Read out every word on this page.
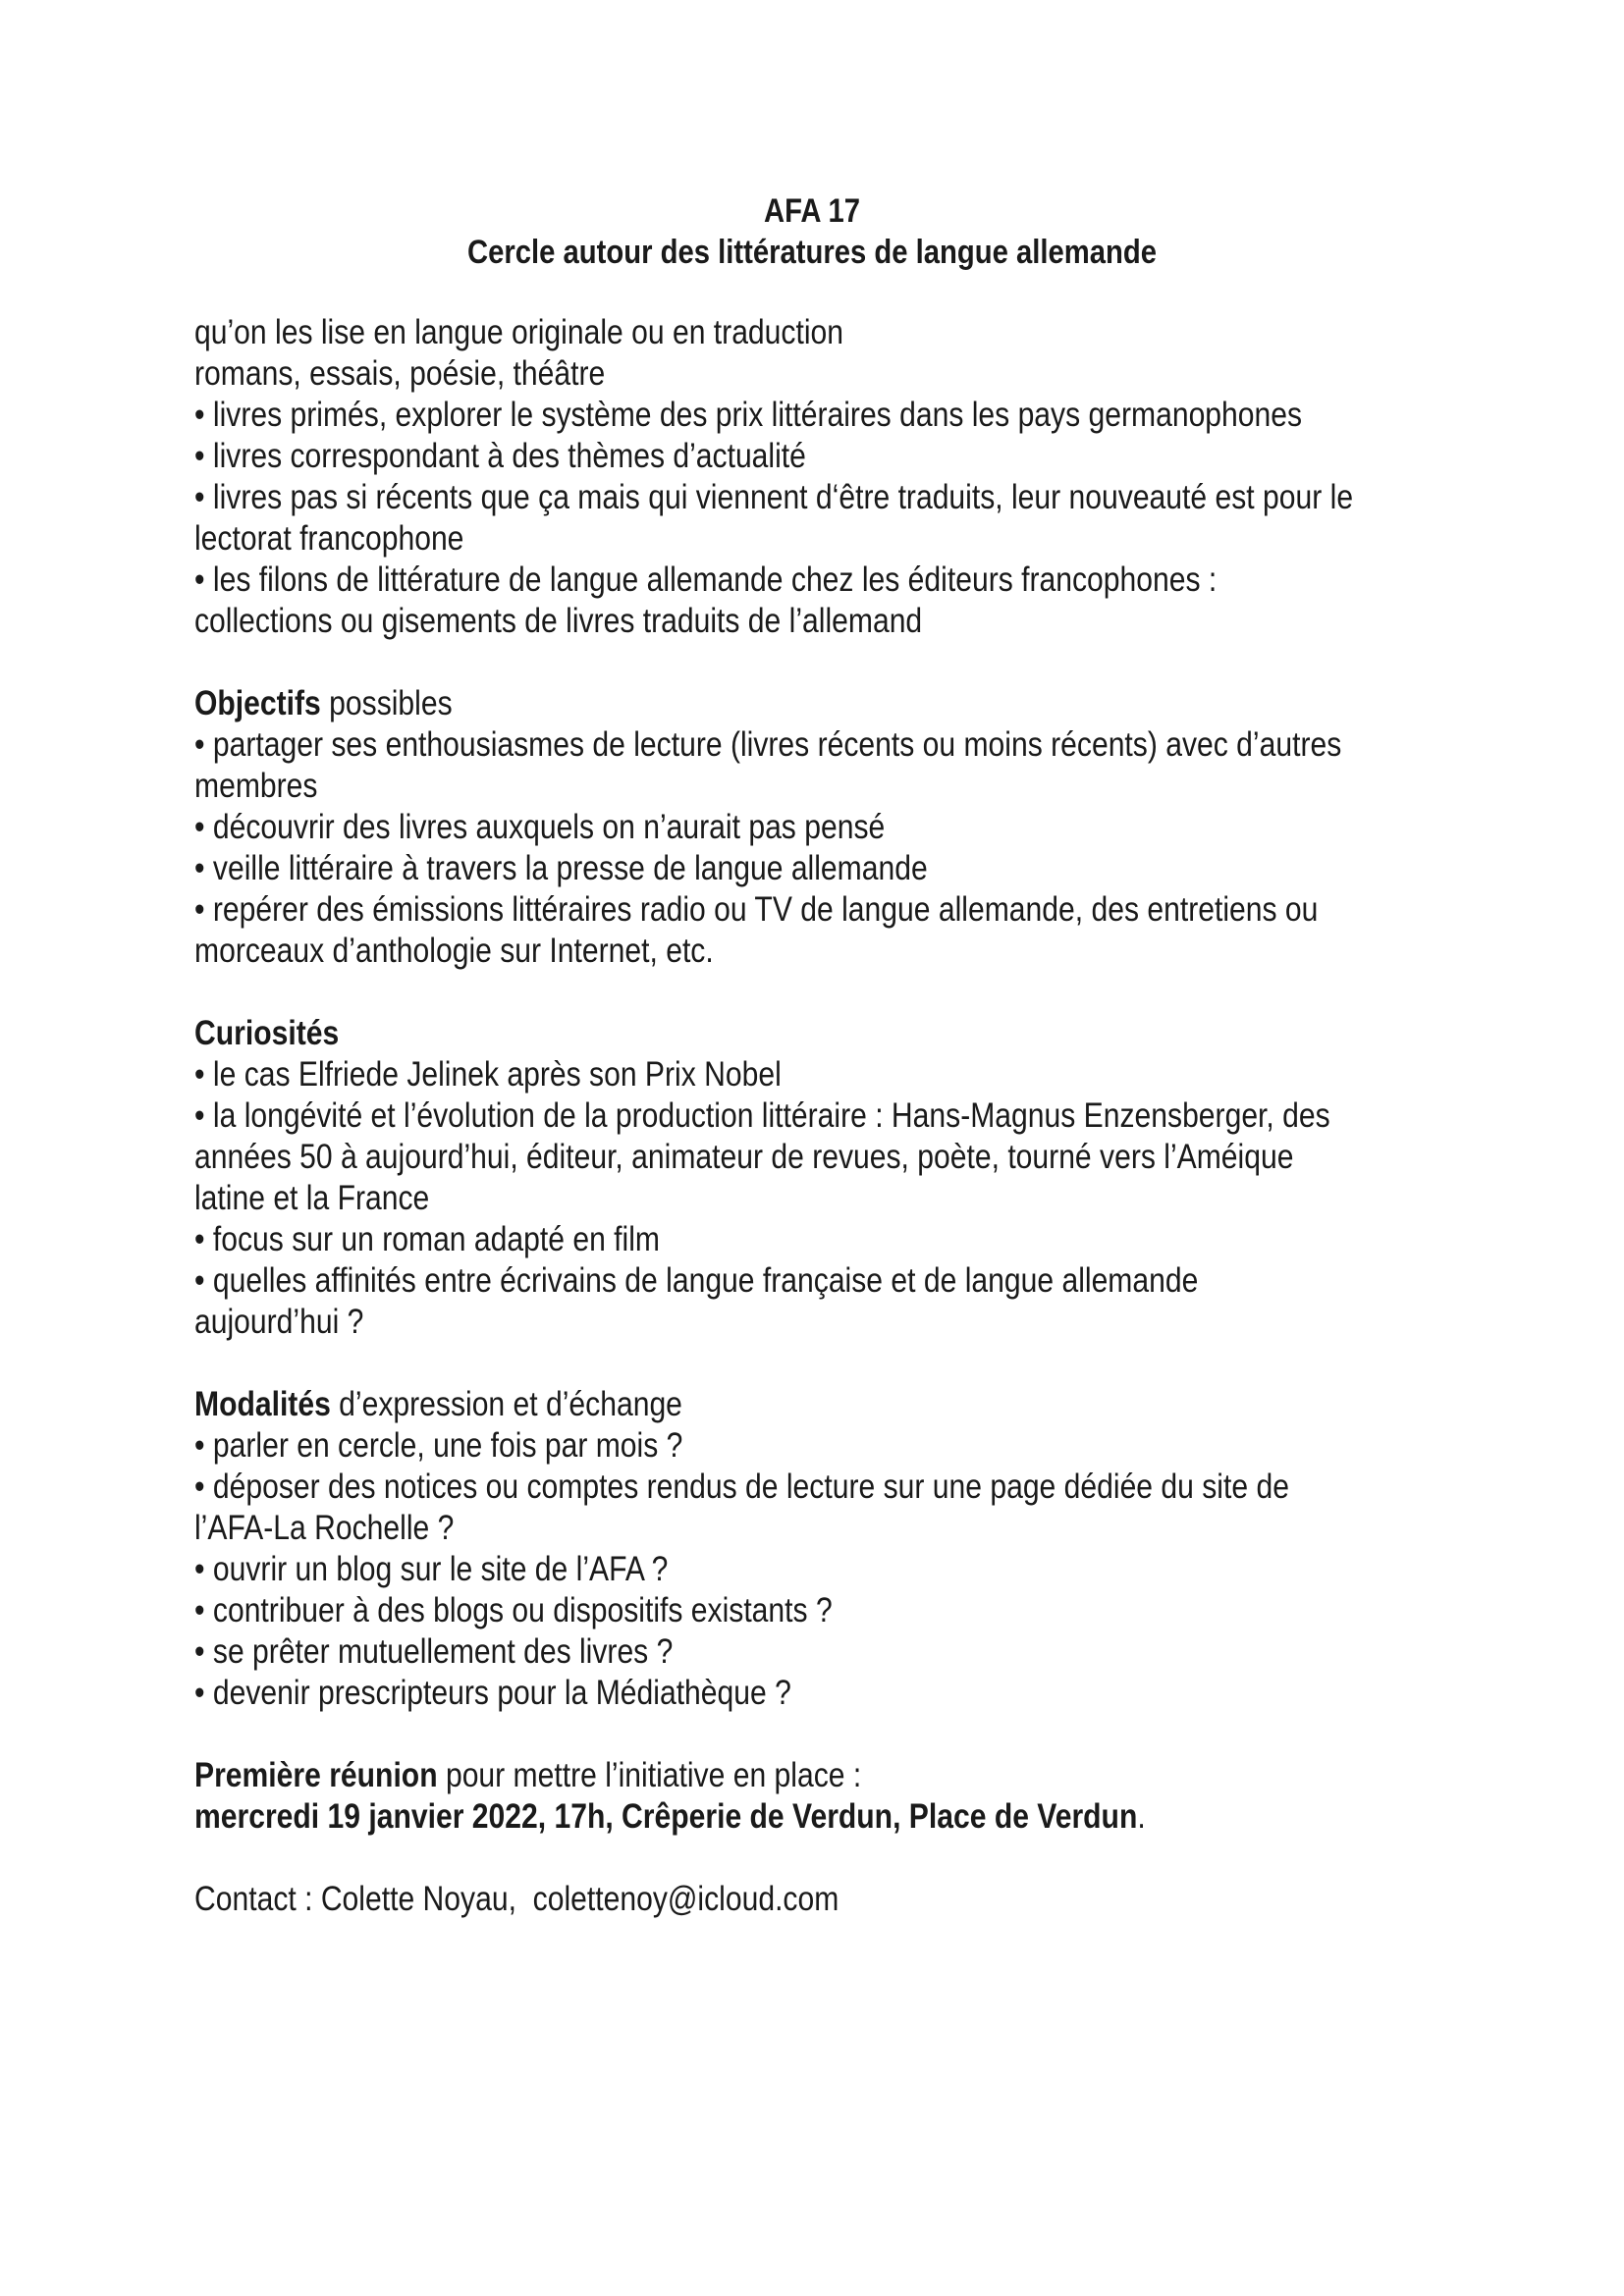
AFA 17
Cercle autour des littératures de langue allemande
qu’on les lise en langue originale ou en traduction
romans, essais, poésie, théâtre
• livres primés, explorer le système des prix littéraires dans les pays germanophones
• livres correspondant à des thèmes d’actualité
• livres pas si récents que ça mais qui viennent d‘être traduits, leur nouveauté est pour le
lectorat francophone
• les filons de littérature de langue allemande chez les éditeurs francophones :
collections ou gisements de livres traduits de l’allemand
Objectifs possibles
• partager ses enthousiasmes de lecture (livres récents ou moins récents) avec d’autres
membres
• découvrir des livres auxquels on n’aurait pas pensé
• veille littéraire à travers la presse de langue allemande
• repérer des émissions littéraires radio ou TV de langue allemande, des entretiens ou
morceaux d’anthologie sur Internet, etc.
Curiosités
• le cas Elfriede Jelinek après son Prix Nobel
• la longévité et l’évolution de la production littéraire : Hans-Magnus Enzensberger, des
années 50 à aujourd’hui, éditeur, animateur de revues, poète, tourné vers l’Améique
latine et la France
• focus sur un roman adapté en film
• quelles affinités entre écrivains de langue française et de langue allemande
aujourd’hui ?
Modalités d’expression et d’échange
• parler en cercle, une fois par mois ?
• déposer des notices ou comptes rendus de lecture sur une page dédiée du site de
l’AFA-La Rochelle ?
• ouvrir un blog sur le site de l’AFA ?
• contribuer à des blogs ou dispositifs existants ?
• se prêter mutuellement des livres ?
• devenir prescripteurs pour la Médiathèque ?
Première réunion pour mettre l’initiative en place :
mercredi 19 janvier 2022, 17h, Crêperie de Verdun, Place de Verdun.
Contact : Colette Noyau,  colettenoy@icloud.com
